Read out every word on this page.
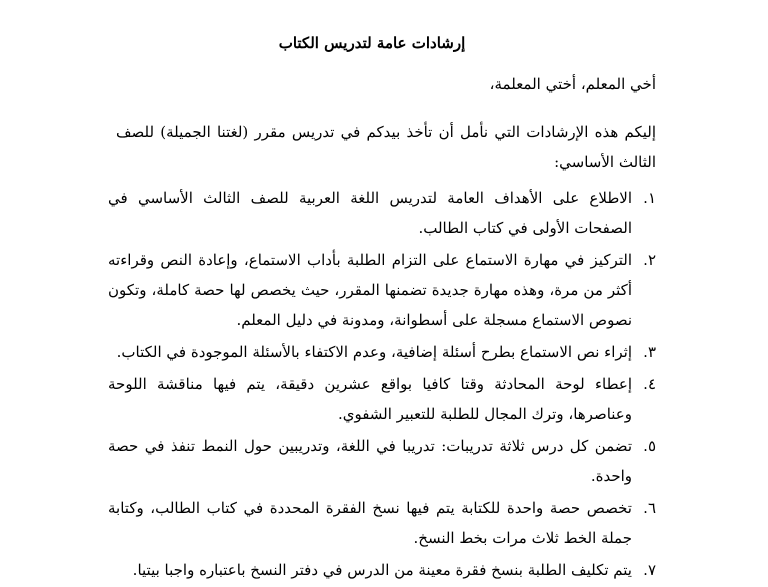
إرشادات عامة لتدريس الكتاب
أخي المعلم، أختي المعلمة،
إليكم هذه الإرشادات التي نأمل أن تأخذ بيدكم في تدريس مقرر (لغتنا الجميلة) للصف الثالث الأساسي:
١.
الاطلاع على الأهداف العامة لتدريس اللغة العربية للصف الثالث الأساسي في الصفحات الأولى في كتاب الطالب.
٢.
التركيز في مهارة الاستماع على التزام الطلبة بأداب الاستماع، وإعادة النص وقراءته أكثر من مرة، وهذه مهارة جديدة تضمنها المقرر، حيث يخصص لها حصة كاملة، وتكون نصوص الاستماع مسجلة على أسطوانة، ومدونة في دليل المعلم.
٣.
إثراء نص الاستماع بطرح أسئلة إضافية، وعدم الاكتفاء بالأسئلة الموجودة في الكتاب.
٤.
إعطاء لوحة المحادثة وقتا كافيا بواقع عشرين دقيقة، يتم فيها مناقشة اللوحة وعناصرها، وترك المجال للطلبة للتعبير الشفوي.
٥.
تضمن كل درس ثلاثة تدريبات: تدريبا في اللغة، وتدريبين حول النمط تنفذ في حصة واحدة.
٦.
تخصص حصة واحدة للكتابة يتم فيها نسخ الفقرة المحددة في كتاب الطالب، وكتابة جملة الخط ثلاث مرات بخط النسخ.
٧.
يتم تكليف الطلبة بنسخ فقرة معينة من الدرس في دفتر النسخ باعتباره واجبا بيتيا.
